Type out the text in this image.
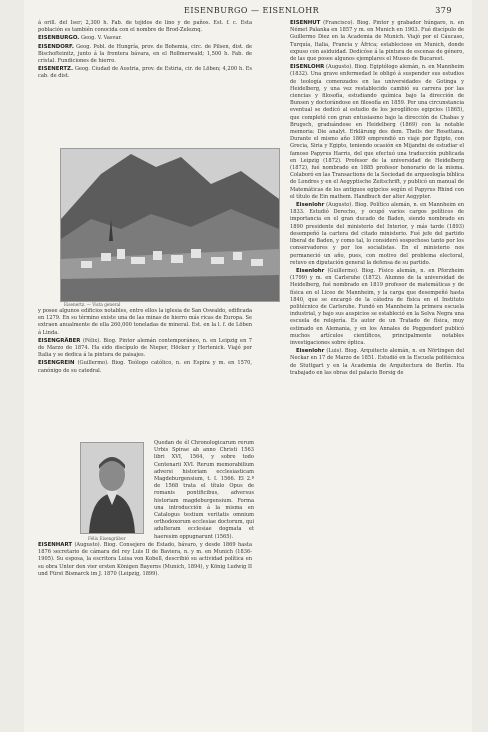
EISENBURGO — EISENLOHR	379

á orill. del Iser; 2,300 h. Fab. de tejidos de lino y de paños. Est. f. c. Esta población es también conocida con el nombre de Brod-Zeleznq.

EISENBURGO. Geog. V. Vasvar.

EISENDORF. Geog. Pobl. de Hungría, prov. de Bohemia, circ. de Pilsen, dist. de Bischofteinitz, junto á la frontera bávara, en el Rollmerwald; 1,500 h. Fab. de cristal. Fundiciones de hierro.

EISENERTZ. Geog. Ciudad de Austria, prov. de Estiria, cir. de Löben; 4,200 h. Es cab. de dist.

Eisenertz. — Vista general

y posee algunos edificios notables, entre ellos la iglesia de San Oswaldo, edificada en 1279. En su término existe una de las minas de hierro más ricas de Europa. Se extraen anualmente de ella 260,000 toneladas de mineral. Est. en la l. f. de Löben á Linda.

EISENGRÄBER (Félix). Biog. Pintor alemán contemporáneo, n. en Leipzig en 7 de Marzo de 1874. Ha sido discípulo de Nieper, Höcker y Hertenick. Viajó por Italia y se dedica á la pintura de paisajes.

EISENGREIN (Guillermo). Biog. Teólogo católico, n. en Espira y m. en 1570, canónigo de su catedral.

Félix Eisengräber
Quedan de él Chronologicarum rerum Urbis Spirae ab anno Christi 1563 libri XVI, 1564, y sobre todo Centenarii XVI. Rerum memorabilium adversi historiam ecclesiasticam Magdeburgensium, t. I. 1566. El 2.º de 1568 trata el título Opus de romanis pontificibus, adversus historiam magdeburgensium. Forma una introducción á la misma en Catalogus testium veritatis omnium orthodoxorum ecclesiae doctorum, qui adulteram ecclesiae dogmata et haeresim oppugnarunt (1565).

EISENHART (Augusto). Biog. Consejero de Estado, bávaro, y desde 1869 hasta 1876 secretario de cámara del rey Luis II de Baviera, n. y m. en Munich (1836-1905). Su esposa, la escritora Luisa von Kobell, describió su actividad política en su obra Unter den vier ersten Königen Bayerns (Munich, 1894), y König Ludwig II und Fürst Bismarck im J. 1870 (Leipzig, 1899).

EISENHUT (Francisco). Biog. Pintor y grabador húngaro, n. en Német Palanka en 1857 y m. en Munich en 1903. Fué discípulo de Guillermo Diez en la Academia de Munich. Viajó por el Cáucaso, Turquía, Italia, Francia y África; estableciose en Munich, donde expuso con asiduidad. Dedicóse á la pintura de escenas de género, de las que posee algunos ejemplares el Museo de Bucarest.

EISENLOHR (Augusto). Biog. Egiptólogo alemán, n. en Mannheim (1832). Una grave enfermedad le obligó á suspender sus estudios de teología comenzados en las universidades de Gotinga y Heidelberg, y una vez restablecido cambió su carrera por las ciencias y filosofía, estudiando química bajo la dirección de Bunsen y doctorándose en filosofía en 1859. Por una circunstancia eventual se dedicó al estudio de los jeroglíficos egipcios (1865), que completó con gran entusiasmo bajo la dirección de Chabas y Brugsch, graduándose en Heidelberg (1869) con la notable memoria: Die analyt. Erklärung des dem. Theils der Rosettana. Durante el mismo año 1869 emprendió un viaje por Egipto, con Grecia, Siria y Egipto, teniendo ocasión en Mijandni de estudiar el famoso Papyrus Harris, del que efectuó una traducción publicada en Leipzig (1872). Profesor de la universidad de Heidelberg (1872), fué nombrado en 1885 profesor honorario de la misma. Colaboró en las Transactions de la Sociedad de arqueología bíblica de Londres y en el Aegyptische Zeitschrift, y publicó un manual de Matemáticas de los antiguos egipcios según el Papyrus Rhind con el título de Ein mathem. Handbuch der alter Aegypter.

Eisenlohr (Augusto). Biog. Político alemán, n. en Mannheim en 1833. Estudió Derecho, y ocupó varios cargos políticos de importancia en el gran ducado de Baden, siendo nombrado en 1890 presidente del ministerio del Interior, y más tarde (1893) desempeñó la cartera del citado ministerio. Fué jefe del partido liberal de Baden, y como tal, lo consideró sospechoso tanto por los conservadores y por los socialistas. En el ministerio nos permaneció un año, pues, con motivo del problema electoral, retuvo en diputación general la defensa de su partido.

Eisenlohr (Guillermo). Biog. Físico alemán, n. en Pforzheim (1799) y m. en Carlsruhe (1872). Alumno de la universidad de Heidelberg, fué nombrado en 1819 profesor de matemáticas y de física en el Liceo de Mannheim, y la carga que desempeñó hasta 1840, que se encargó de la cátedra de física en el Instituto politécnico de Carlsruhe. Fundó en Mannheim la primera escuela industrial, y bajo sus auspicios se estableció en la Selva Negra una escuela de relojería. Es autor de un Tratado de física, muy estimado en Alemania, y en los Annales de Poggendorf publicó muchos artículos científicos, principalmente notables investigaciones sobre óptica.

Eisenlohr (Luis). Biog. Arquitecto alemán, n. en Nörtingen del Neckar en 17 de Marzo de 1851. Estudió en la Escuela politécnica de Stuttgart y en la Academia de Arquitectura de Berlín. Ha trabajado en las obras del palacio Borsig de
